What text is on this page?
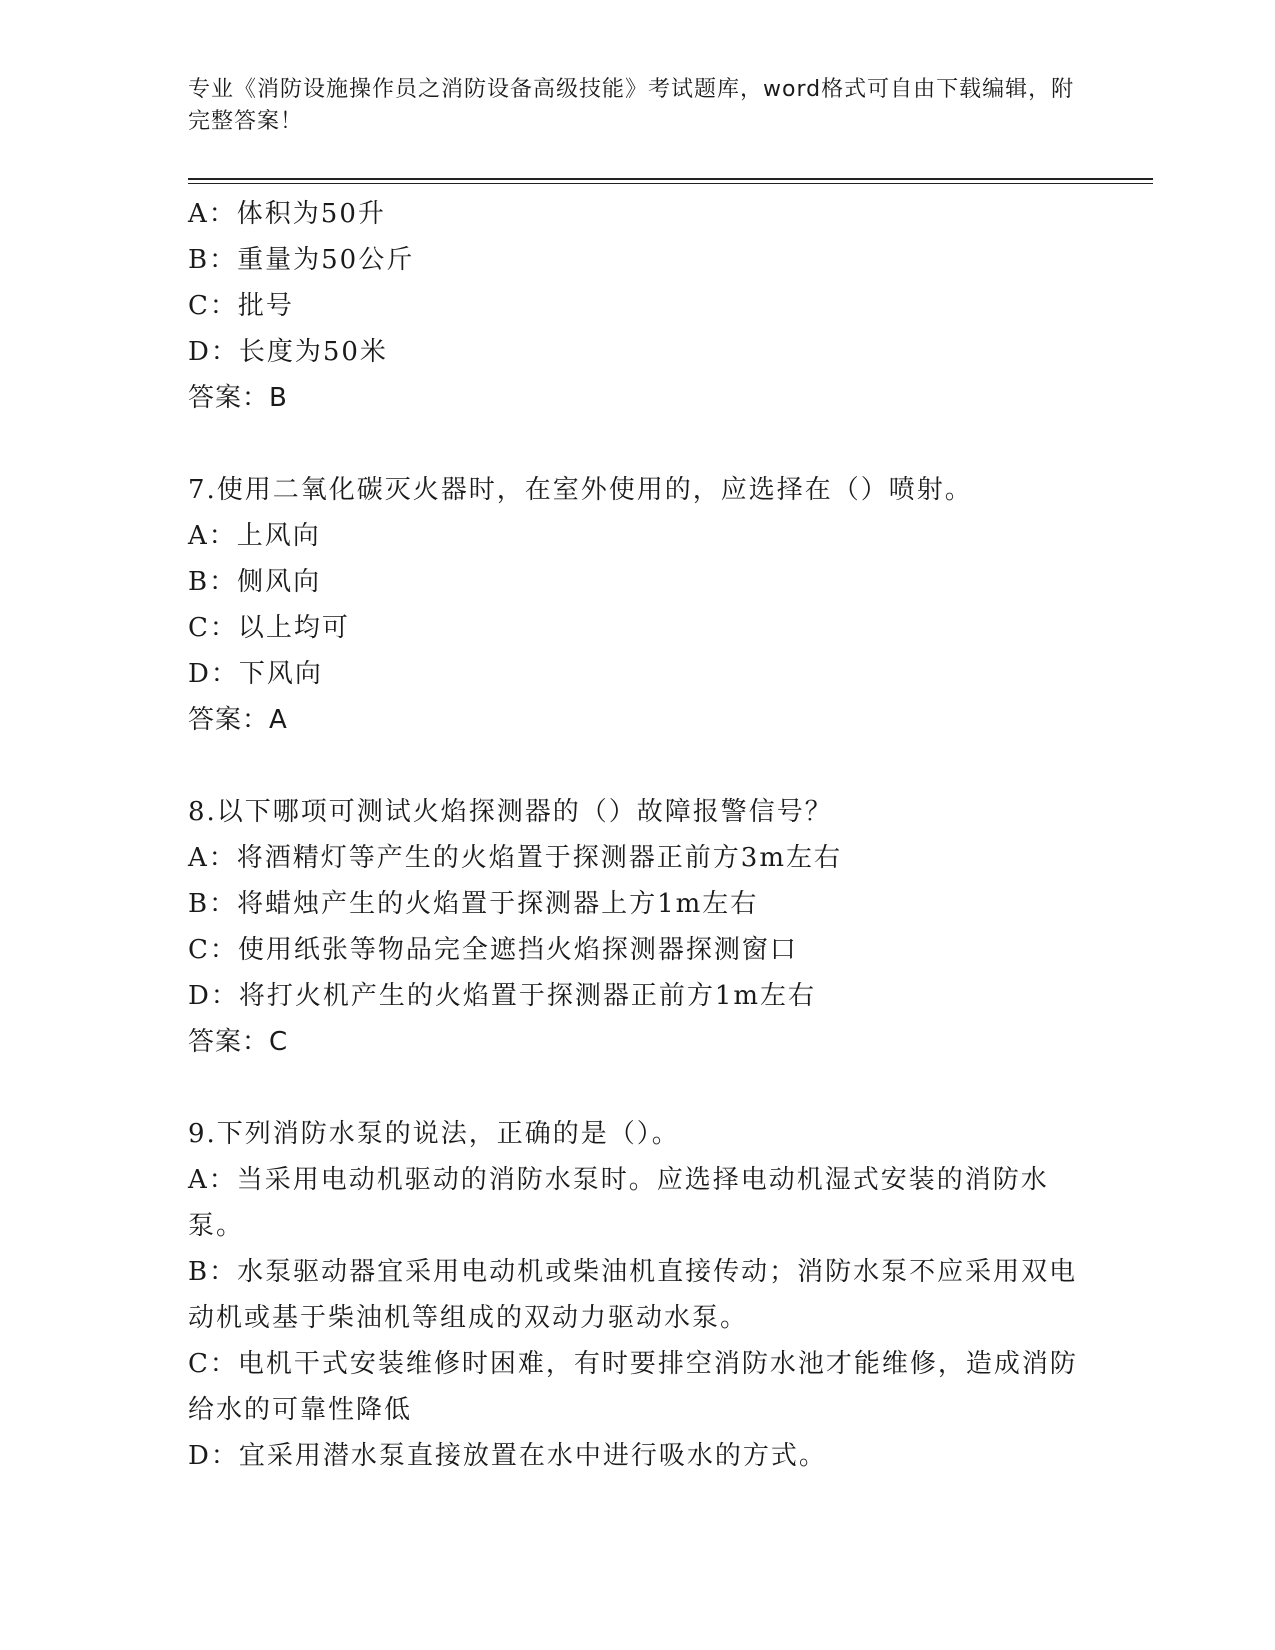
专业《消防设施操作员之消防设备高级技能》考试题库，word格式可自由下载编辑，附完整答案！

A：体积为50升

B：重量为50公斤

C：批号

D：长度为50米

答案：B

7.使用二氧化碳灭火器时，在室外使用的，应选择在（）喷射。

A：上风向

B：侧风向

C：以上均可

D：下风向

答案：A

8.以下哪项可测试火焰探测器的（）故障报警信号？

A：将酒精灯等产生的火焰置于探测器正前方3m左右

B：将蜡烛产生的火焰置于探测器上方1m左右

C：使用纸张等物品完全遮挡火焰探测器探测窗口

D：将打火机产生的火焰置于探测器正前方1m左右

答案：C

9.下列消防水泵的说法，正确的是（）。

A：当采用电动机驱动的消防水泵时。应选择电动机湿式安装的消防水泵。

B：水泵驱动器宜采用电动机或柴油机直接传动；消防水泵不应采用双电动机或基于柴油机等组成的双动力驱动水泵。

C：电机干式安装维修时困难，有时要排空消防水池才能维修，造成消防给水的可靠性降低

D：宜采用潜水泵直接放置在水中进行吸水的方式。
